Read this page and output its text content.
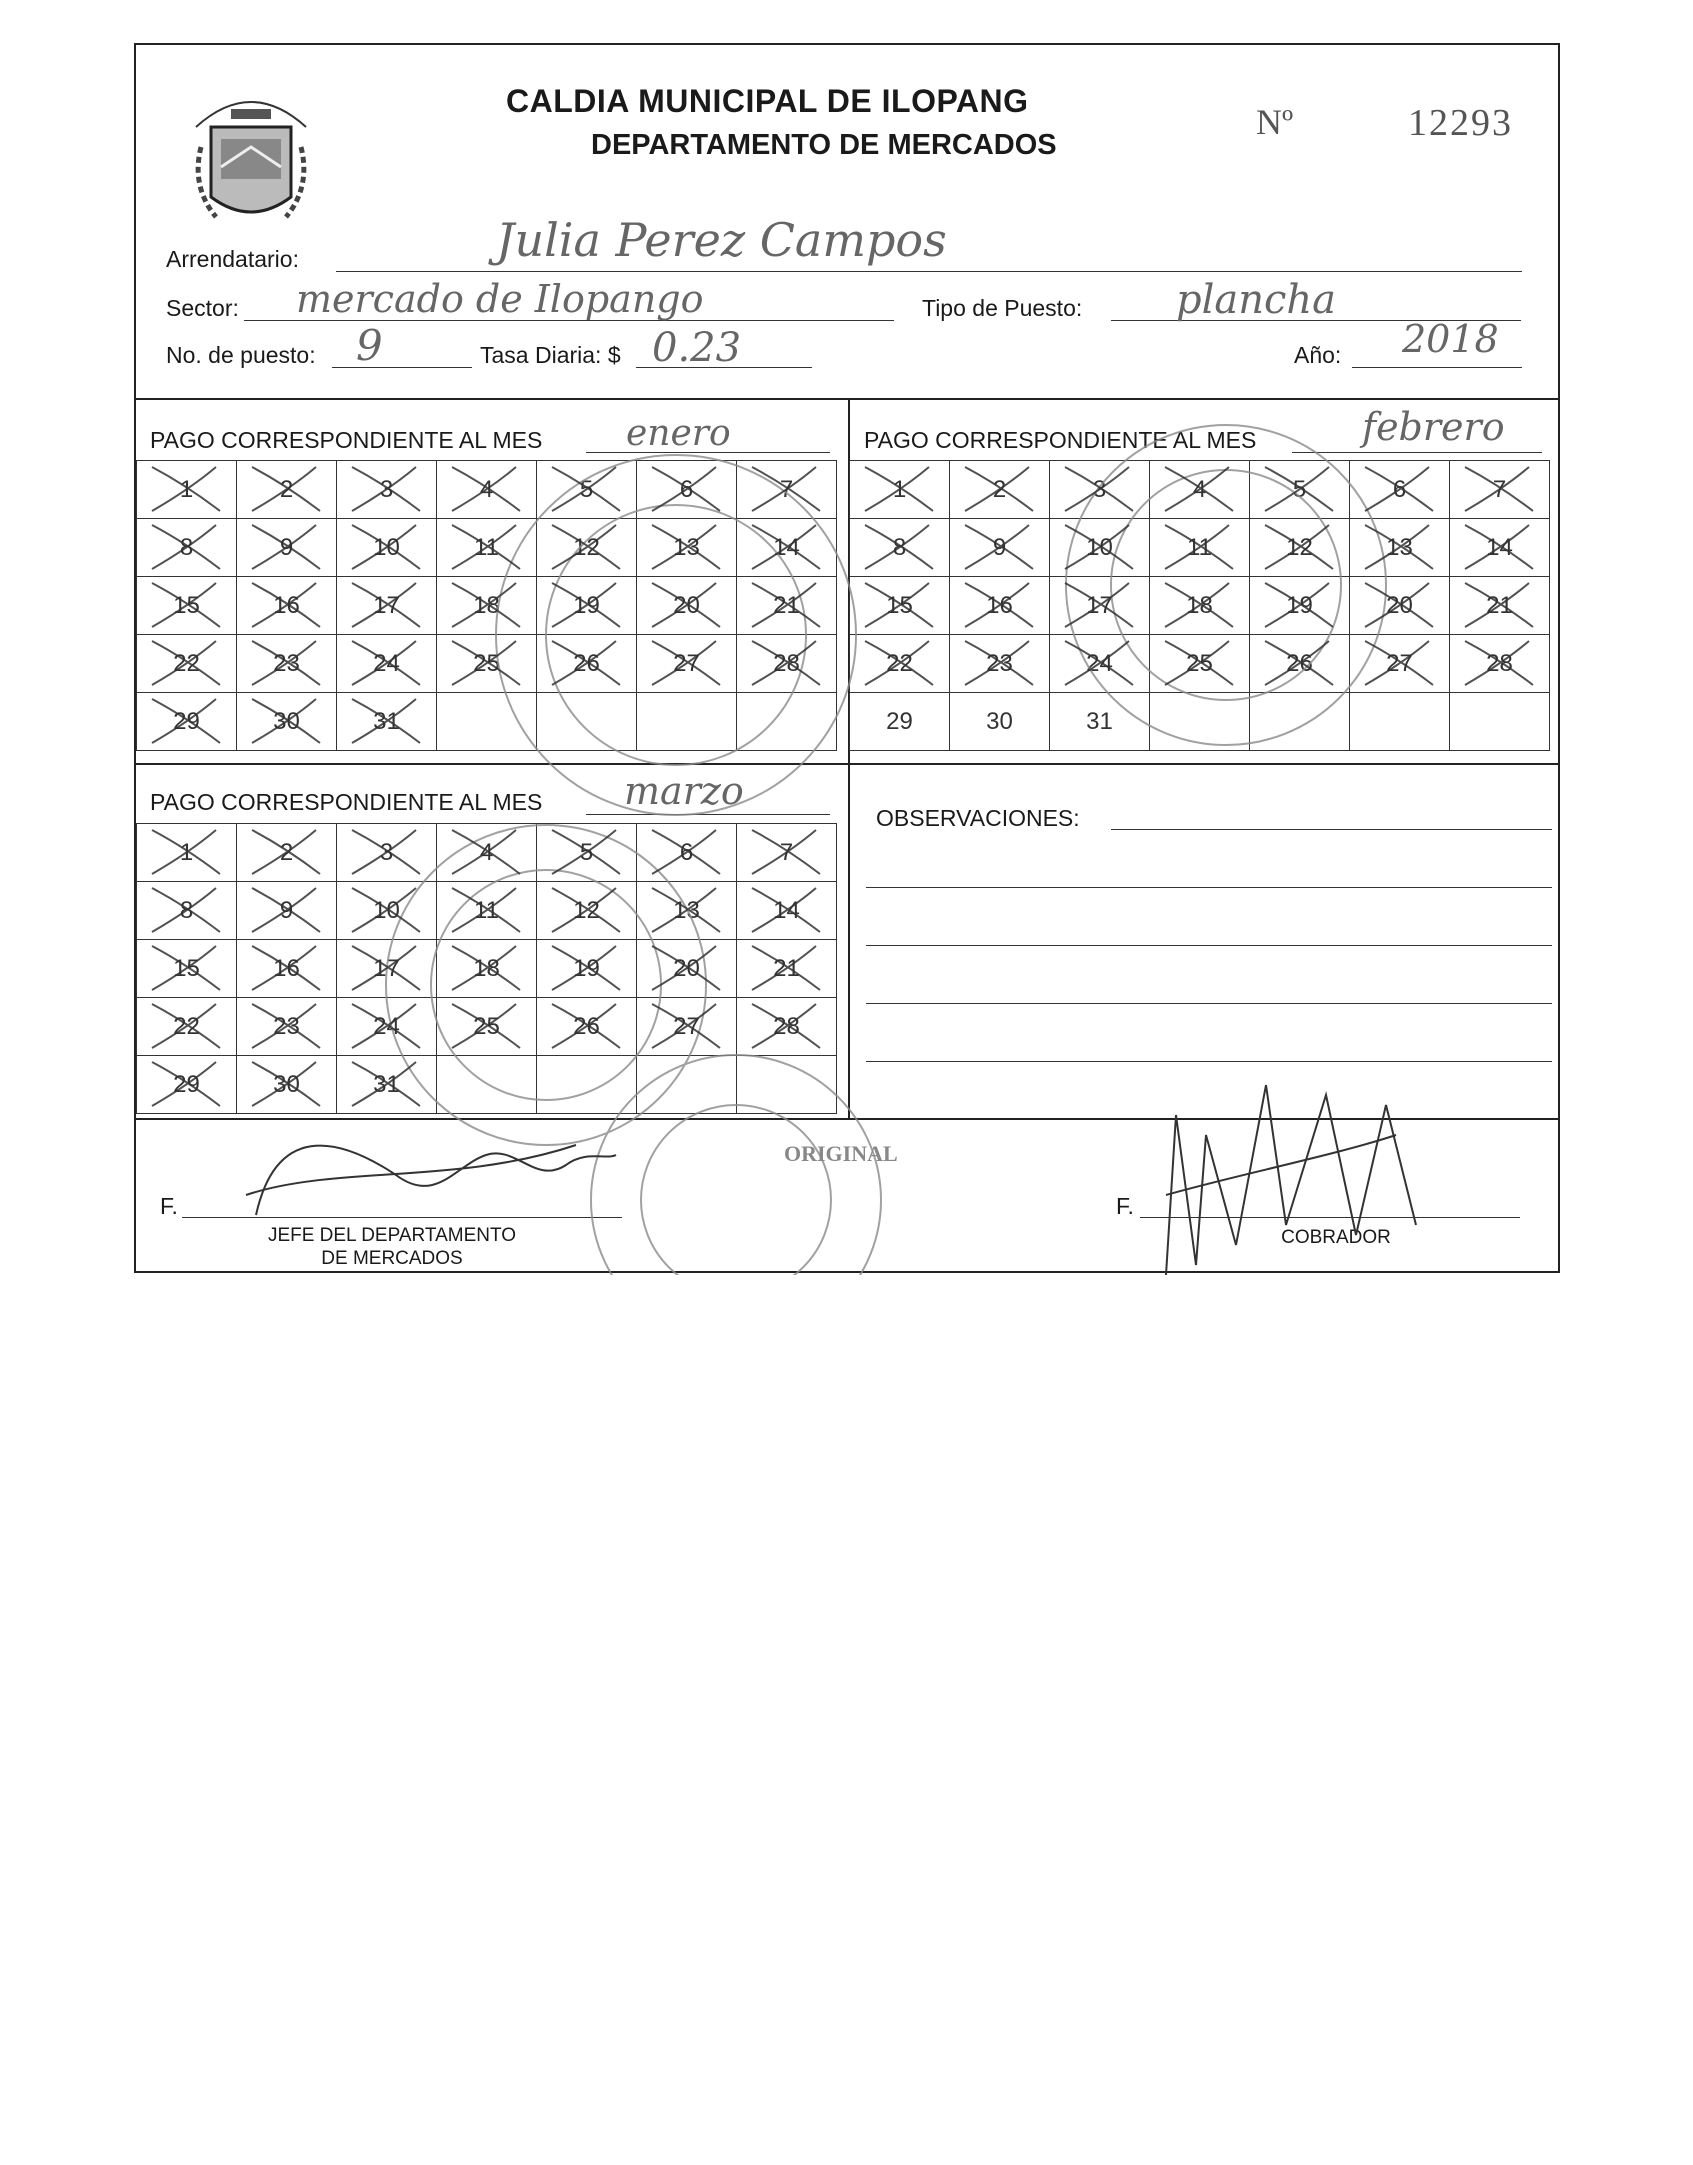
CALDIA MUNICIPAL DE ILOPANG
DEPARTAMENTO DE MERCADOS
Nº	12293
Arrendatario:	Julia Perez Campos
Sector: mercado de Ilopango	Tipo de Puesto: plancha
No. de puesto: 9	Tasa Diaria: $ 0.23	Año: 2018
PAGO CORRESPONDIENTE AL MES enero
1	2	3	4	5	6	7
8	9	10	11	12	13	14
15	16	17	18	19	20	21
22	23	24	25	26	27	28
29	30	31				
PAGO CORRESPONDIENTE AL MES	febrero
1	2	3	4	5	6	7
8	9	10	11	12	13	14
15	16	17	18	19	20	21
22	23	24	25	26	27	28
29	30	31				
PAGO CORRESPONDIENTE AL MES marzo
1	2	3	4	5	6	7
8	9	10	11	12	13	14
15	16	17	18	19	20	21
22	23	24	25	26	27	28
29	30	31				
OBSERVACIONES:
ORIGINAL
F.
JEFE DEL DEPARTAMENTO
DE MERCADOS
F.
COBRADOR
